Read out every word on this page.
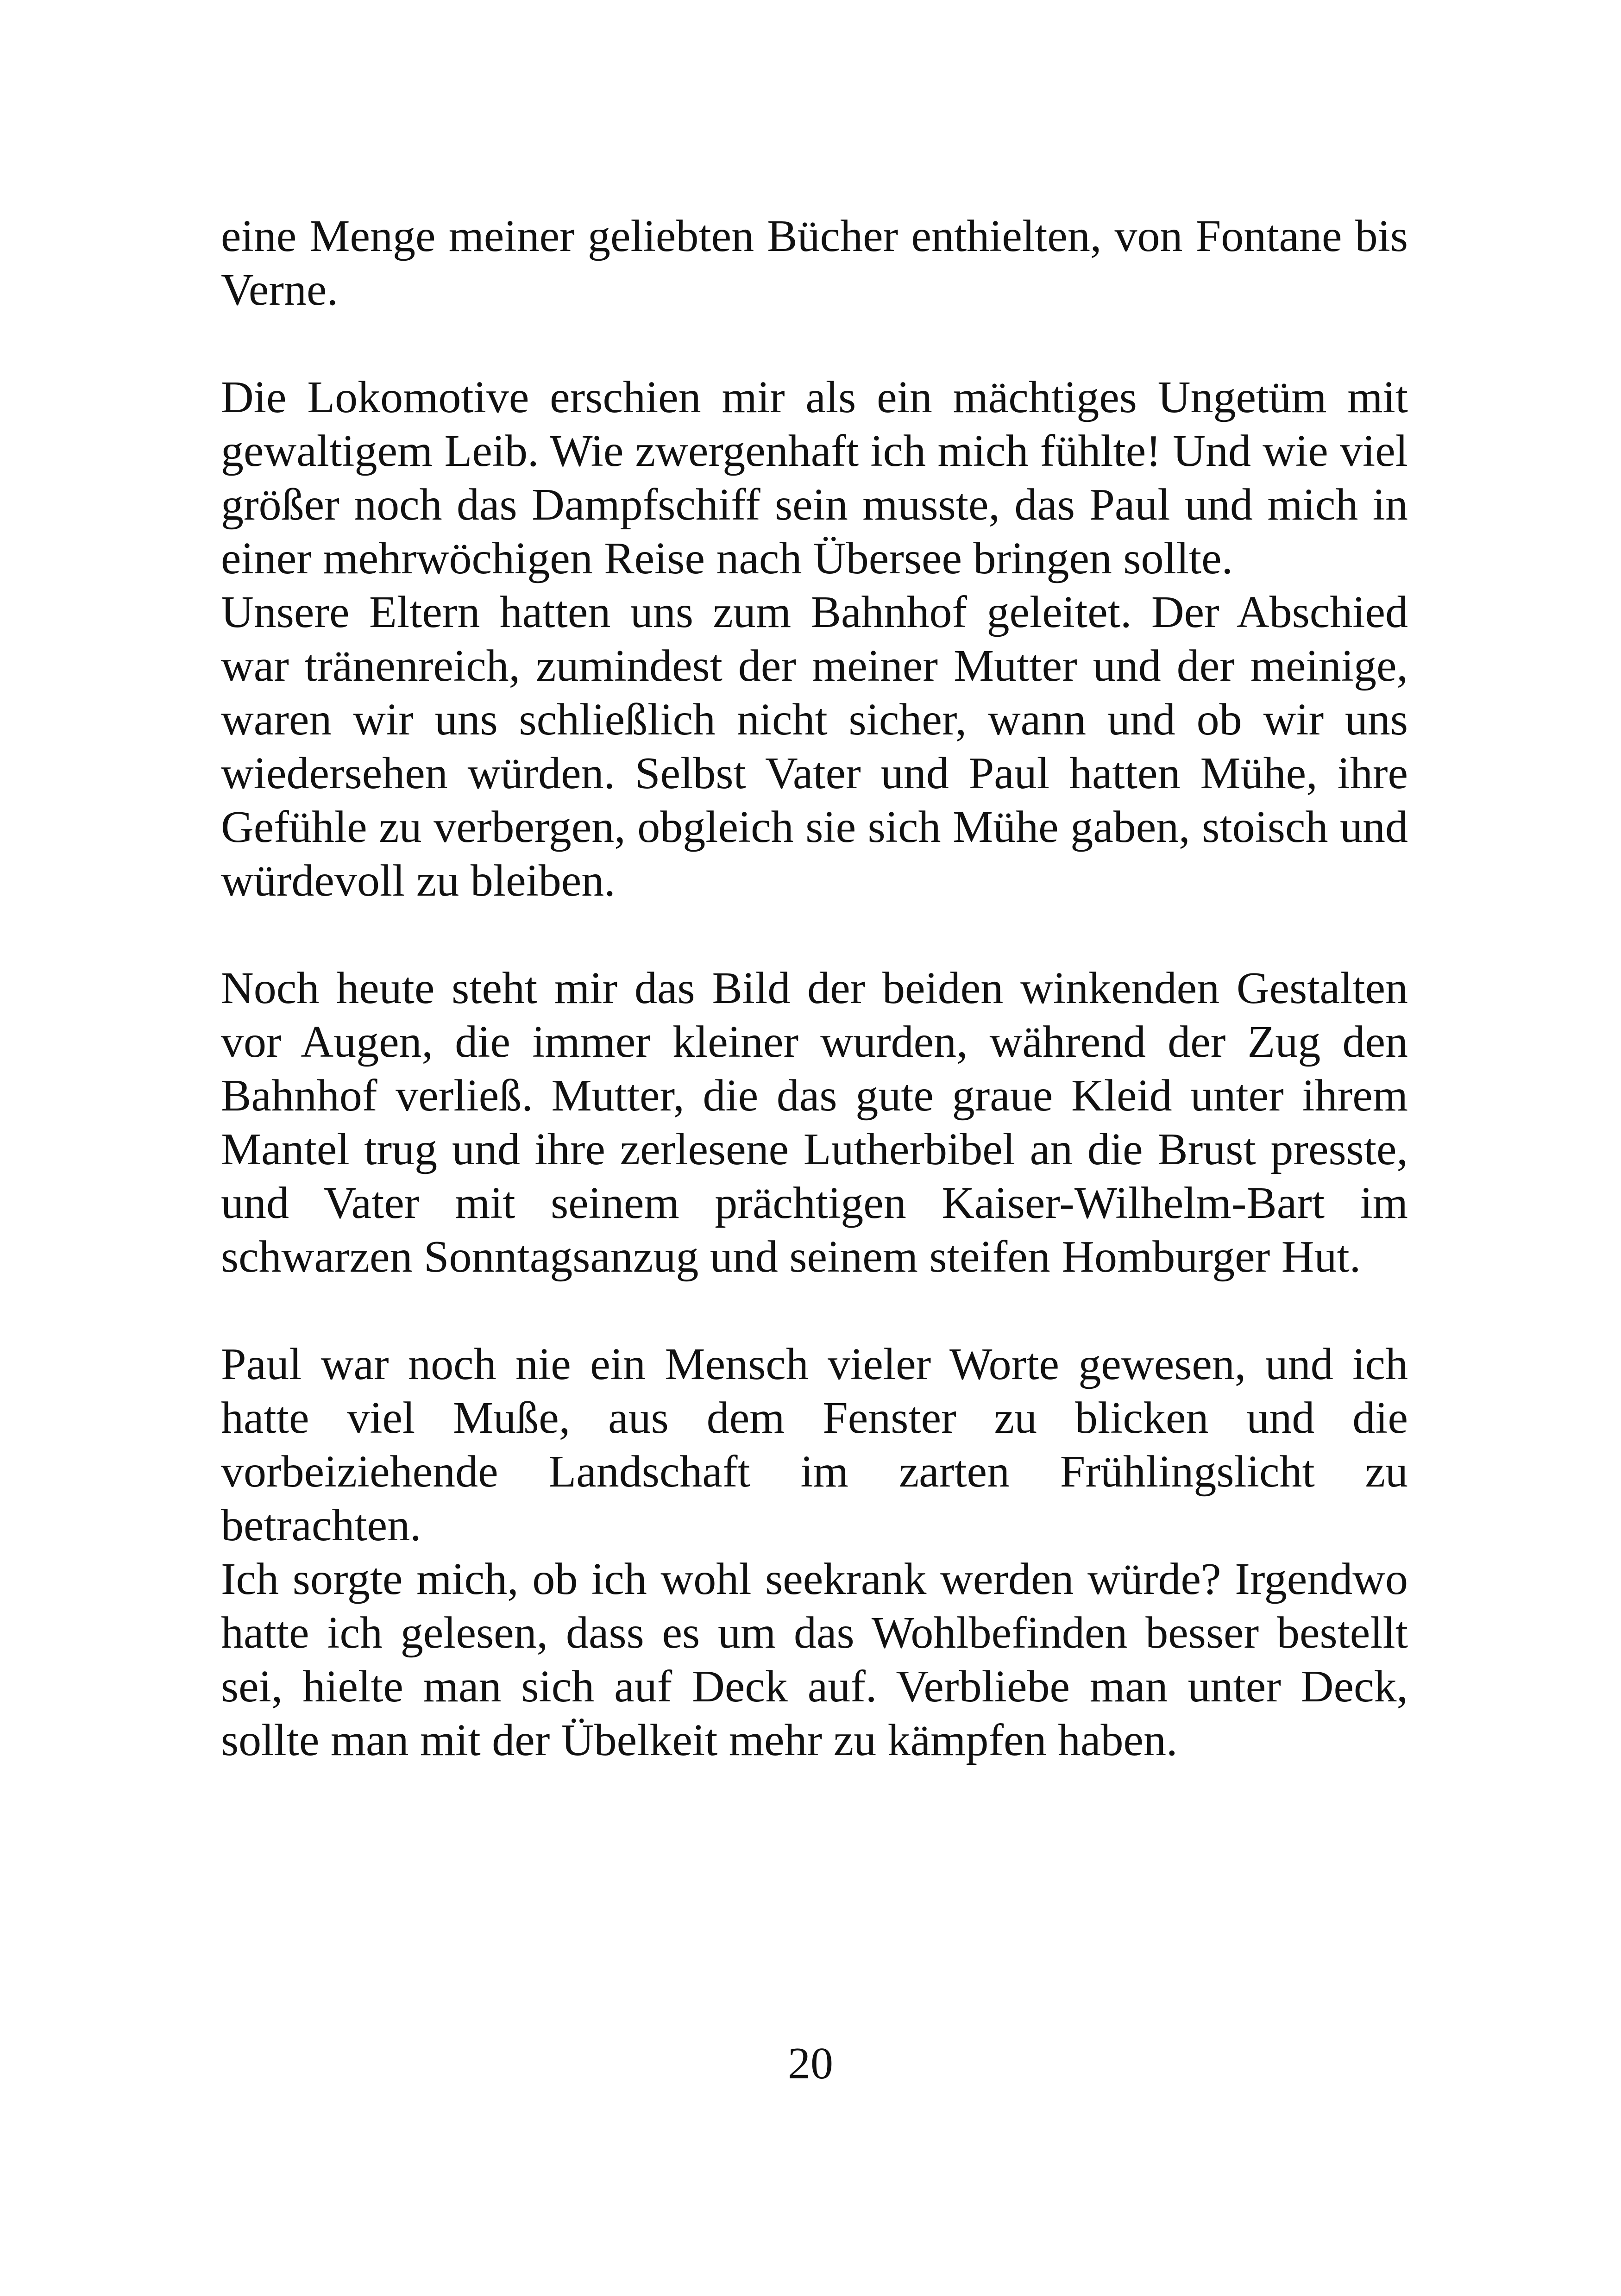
eine Menge meiner geliebten Bücher enthielten, von Fontane bis Verne.

Die Lokomotive erschien mir als ein mächtiges Ungetüm mit gewaltigem Leib. Wie zwergenhaft ich mich fühlte! Und wie viel größer noch das Dampfschiff sein musste, das Paul und mich in einer mehrwöchigen Reise nach Übersee bringen sollte.

Unsere Eltern hatten uns zum Bahnhof geleitet. Der Abschied war tränenreich, zumindest der meiner Mutter und der meinige, waren wir uns schließlich nicht sicher, wann und ob wir uns wiedersehen würden. Selbst Vater und Paul hatten Mühe, ihre Gefühle zu verbergen, obgleich sie sich Mühe gaben, stoisch und würdevoll zu bleiben.

Noch heute steht mir das Bild der beiden winkenden Gestalten vor Augen, die immer kleiner wurden, während der Zug den Bahnhof verließ. Mutter, die das gute graue Kleid unter ihrem Mantel trug und ihre zerlesene Lutherbibel an die Brust presste, und Vater mit seinem prächtigen Kaiser-Wilhelm-Bart im schwarzen Sonntagsanzug und seinem steifen Homburger Hut.

Paul war noch nie ein Mensch vieler Worte gewesen, und ich hatte viel Muße, aus dem Fenster zu blicken und die vorbeiziehende Landschaft im zarten Frühlingslicht zu betrachten.

Ich sorgte mich, ob ich wohl seekrank werden würde? Irgendwo hatte ich gelesen, dass es um das Wohlbefinden besser bestellt sei, hielte man sich auf Deck auf. Verbliebe man unter Deck, sollte man mit der Übelkeit mehr zu kämpfen haben.

20
